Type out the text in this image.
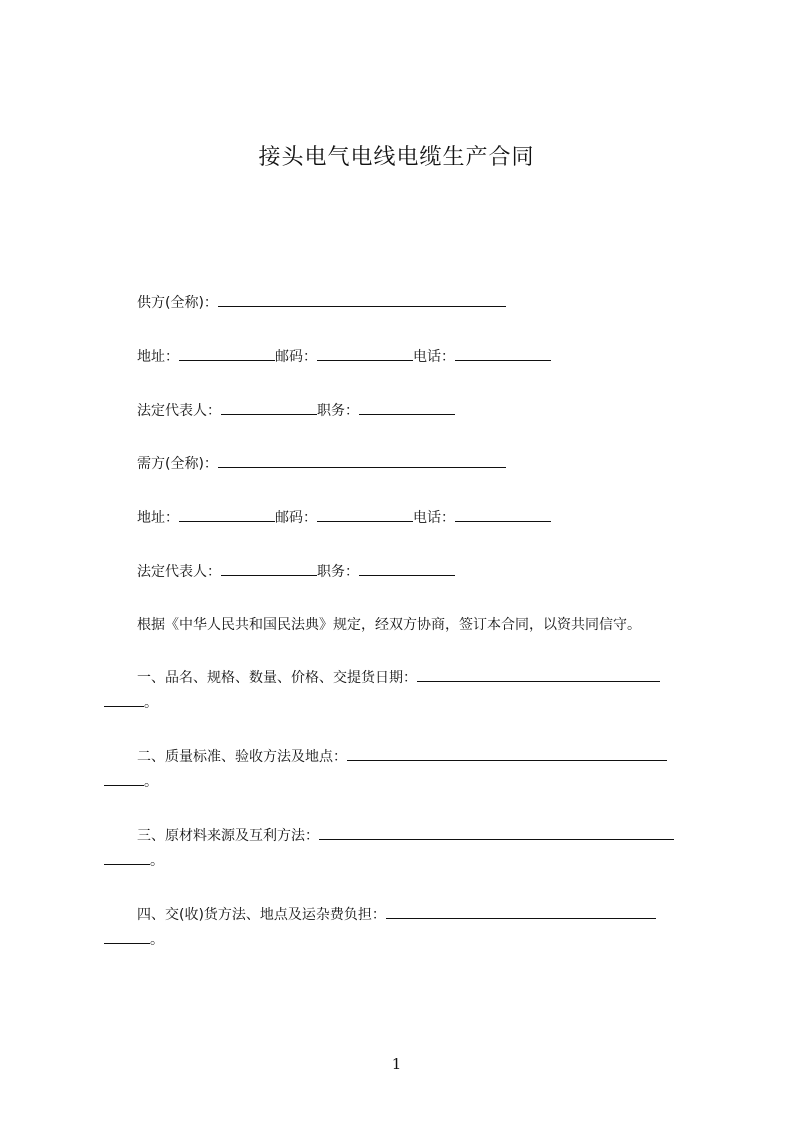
接头电气电线电缆生产合同
供方(全称)：
地址：	邮码：	电话：
法定代表人：	职务：
需方(全称)：
地址：	邮码：	电话：
法定代表人：	职务：
根据《中华人民共和国民法典》规定，经双方协商，签订本合同，以资共同信守。
一、品名、规格、数量、价格、交提货日期：
。
二、质量标准、验收方法及地点：
。
三、原材料来源及互利方法：
。
四、交(收)货方法、地点及运杂费负担：
。
1
